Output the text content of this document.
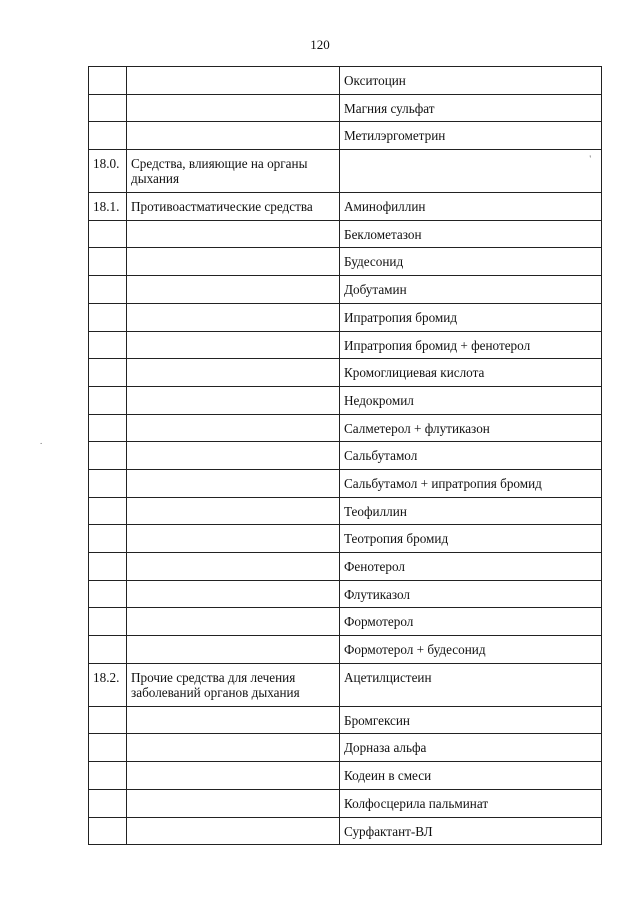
120
.
		Окситоцин
		Магния сульфат
		Метилэргометрин
18.0.	Средства, влияющие на органы дыхания	'

18.1.	Противоастматические средства	Аминофиллин
		Беклометазон
		Будесонид
		Добутамин
		Ипратропия бромид
		Ипратропия бромид + фенотерол
		Кромоглициевая кислота
		Недокромил
		Салметерол + флутиказон
		Сальбутамол
		Сальбутамол + ипратропия бромид
		Теофиллин
		Теотропия бромид
		Фенотерол
		Флутиказол
		Формотерол
		Формотерол + будесонид
18.2.	Прочие средства для лечения заболеваний органов дыхания	Ацетилцистеин
		Бромгексин
		Дорназа альфа
		Кодеин в смеси
		Колфосцерила пальминат
		Сурфактант-ВЛ
